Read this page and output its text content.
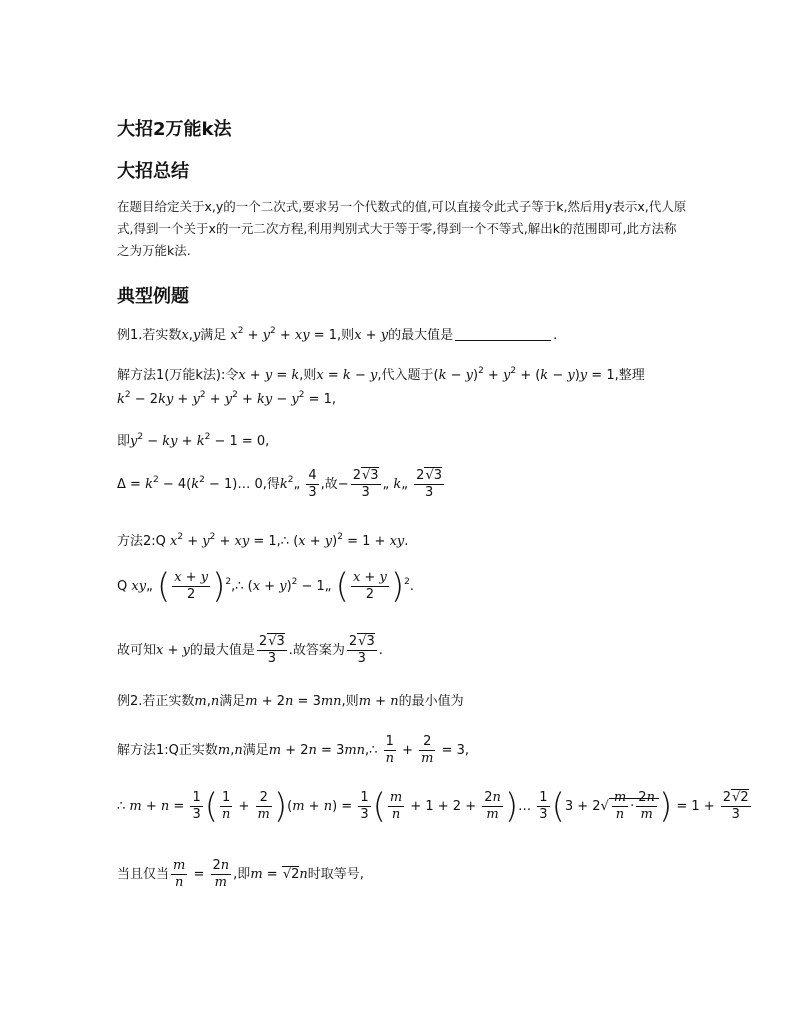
大招2万能k法
大招总结
在题目给定关于x,y的一个二次式,要求另一个代数式的值,可以直接令此式子等于k,然后用y表示x,代人原式,得到一个关于x的一元二次方程,利用判别式大于等于零,得到一个不等式,解出k的范围即可,此方法称之为万能k法.
典型例题
例1.若实数x,y满足 $x^2 + y^2$ + xy = 1,则x + y的最大值是	.
解方法1(万能k法):令x + y = k,则x = k − y,代入题于$(k - y)^2 + y^2 + (k - y)y = 1$,整理
$k^2 - 2ky + y^2 + y^2$ + ky − $y^2 = 1$,
即$y^2$ − ky + $k^2 - 1 = 0$,
$\Delta = k^2 - 4(k^2$ − 1)… 0,得$k^2„ \frac{4}{3}$ ,故− $\frac{2√3}{3}$ „ k„ $\frac{2√3}{3}$
方法2:Q $x^2 + y^2$ + xy = 1,∴ $(x + y)^2 = 1$ + xy.
Q xy„ ( $\frac{x + y}{2}$ )$^2$,∴ $(x + y)^2$ − 1„ ( $\frac{x + y}{2} )^2$.
故可知x + y的最大值是 $\frac{2√3}{3}$ .故答案为 $\frac{2√3}{3}$ .
例2.若正实数m,n满足m + 2n = 3mn,则m + n的最小值为
解方法1:Q正实数m,n满足m + 2n = 3mn,∴ $\frac{1}{n} + \frac{2}{m} = 3$,
∴ $m + n = \frac{1}{3}$ ( $\frac{1}{n} + \frac{2}{m} )(m + n) = \frac{1}{3}$ ( $\frac{m}{n} + 1 + 2 + \frac{2n}{m}$ )… $\frac{1}{3} (3 + 2√ \frac{m}{n} \cdot \frac{2n}{m}$ ) = $1 + \frac{2√2}{3}$
当且仅当 $\frac{m}{n} = \frac{2n}{m}$ ,即m = √2n时取等号,
